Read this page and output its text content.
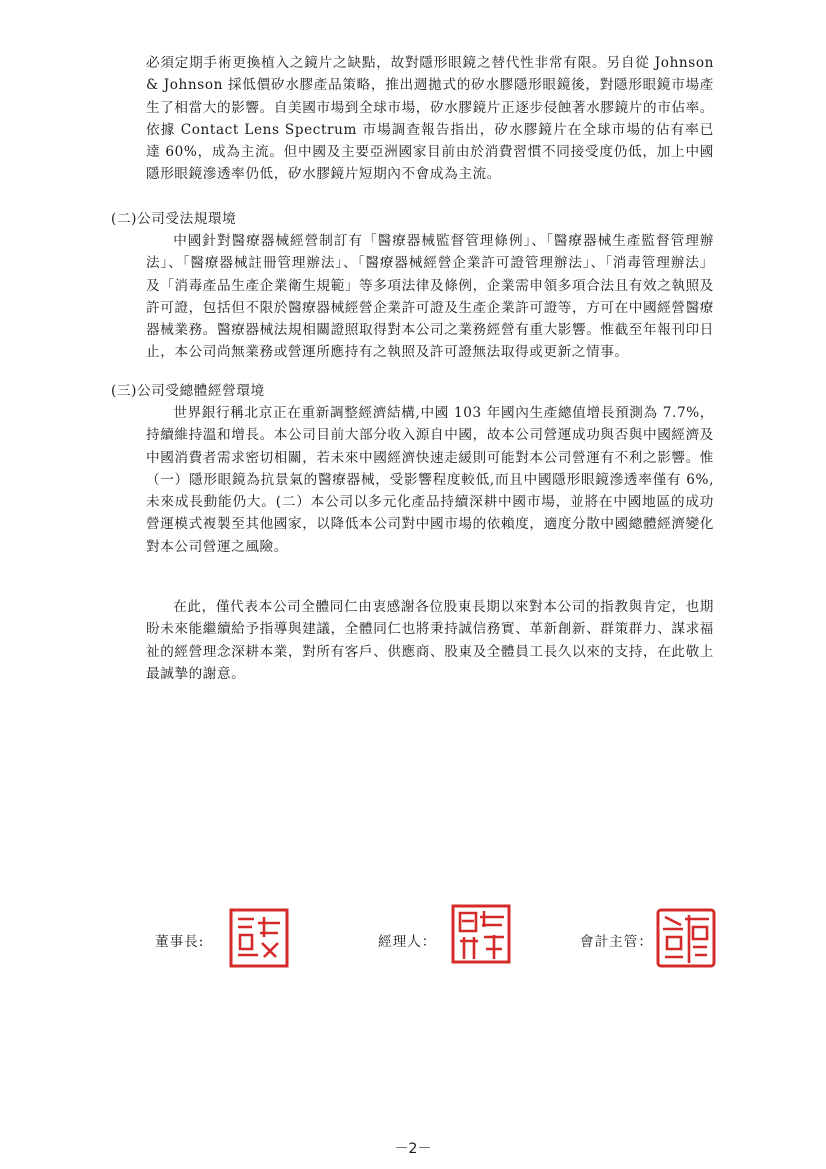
必須定期手術更換植入之鏡片之缺點，故對隱形眼鏡之替代性非常有限。另自從 Johnson & Johnson 採低價矽水膠產品策略，推出週拋式的矽水膠隱形眼鏡後，對隱形眼鏡市場產生了相當大的影響。自美國市場到全球市場，矽水膠鏡片正逐步侵蝕著水膠鏡片的市佔率。依據 Contact Lens Spectrum 市場調查報告指出，矽水膠鏡片在全球市場的佔有率已達 60%，成為主流。但中國及主要亞洲國家目前由於消費習慣不同接受度仍低，加上中國隱形眼鏡滲透率仍低，矽水膠鏡片短期內不會成為主流。

(二)公司受法規環境

中國針對醫療器械經營制訂有「醫療器械監督管理條例」、「醫療器械生產監督管理辦法」、「醫療器械註冊管理辦法」、「醫療器械經營企業許可證管理辦法」、「消毒管理辦法」及「消毒產品生產企業衛生規範」等多項法律及條例，企業需申領多項合法且有效之執照及許可證，包括但不限於醫療器械經營企業許可證及生產企業許可證等，方可在中國經營醫療器械業務。醫療器械法規相關證照取得對本公司之業務經營有重大影響。惟截至年報刊印日止，本公司尚無業務或營運所應持有之執照及許可證無法取得或更新之情事。

(三)公司受總體經營環境

世界銀行稱北京正在重新調整經濟結構,中國 103 年國內生產總值增長預測為 7.7%，持續維持溫和增長。本公司目前大部分收入源自中國，故本公司營運成功與否與中國經濟及中國消費者需求密切相關，若未來中國經濟快速走緩則可能對本公司營運有不利之影響。惟（一）隱形眼鏡為抗景氣的醫療器械，受影響程度較低,而且中國隱形眼鏡滲透率僅有 6%,未來成長動能仍大。(二）本公司以多元化產品持續深耕中國市場，並將在中國地區的成功營運模式複製至其他國家，以降低本公司對中國市場的依賴度，適度分散中國總體經濟變化對本公司營運之風險。

在此，僅代表本公司全體同仁由衷感謝各位股東長期以來對本公司的指教與肯定，也期盼未來能繼續給予指導與建議，全體同仁也將秉持誠信務實、革新創新、群策群力、謀求福祉的經營理念深耕本業，對所有客戶、供應商、股東及全體員工長久以來的支持，在此敬上最誠摯的謝意。

董事長:	經理人：	會計主管：
－2－
